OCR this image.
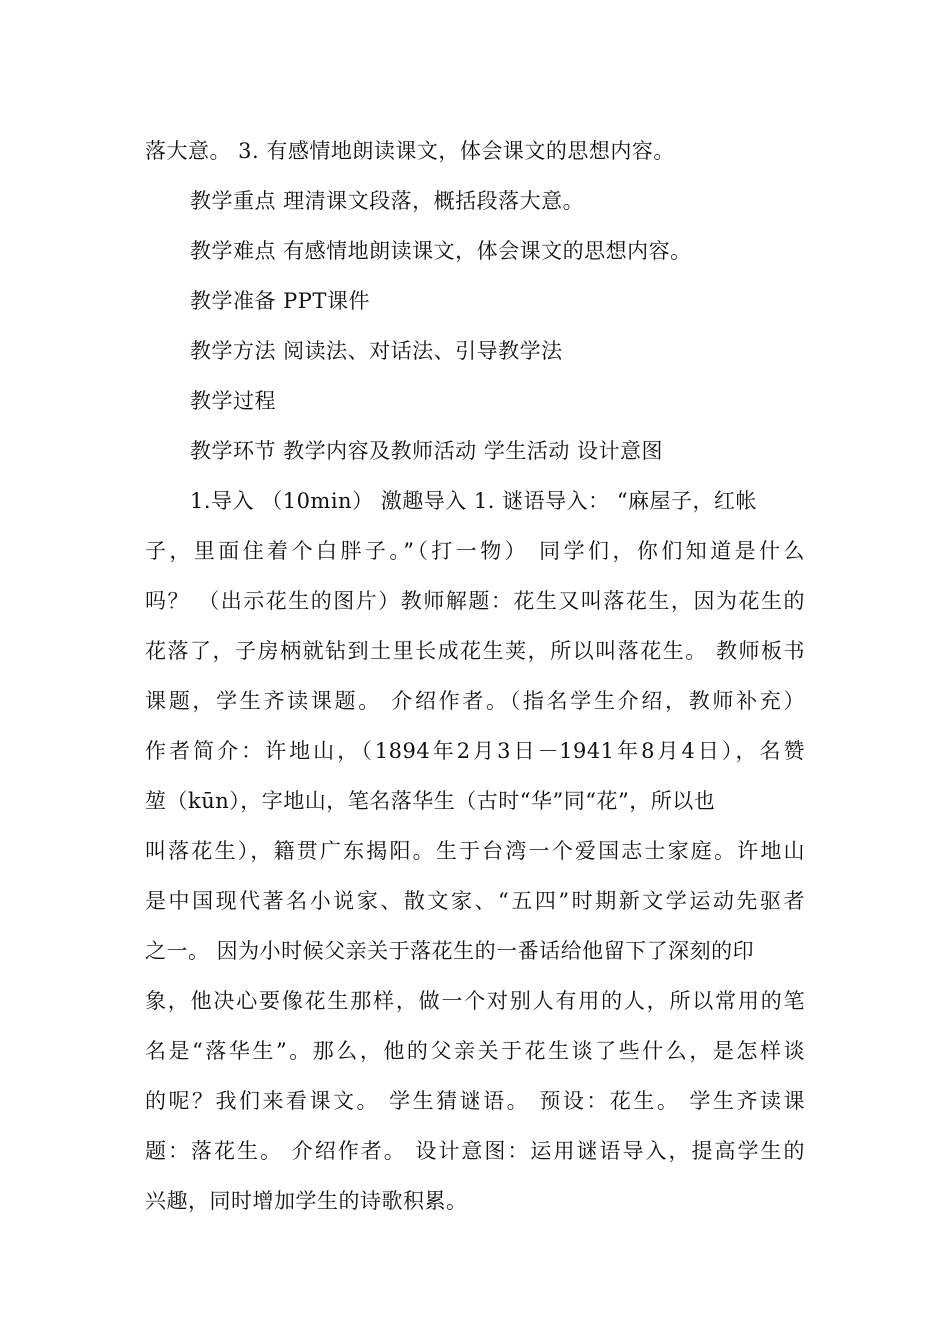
落大意。 3. 有感情地朗读课文，体会课文的思想内容。
教学重点 理清课文段落，概括段落大意。
教学难点 有感情地朗读课文，体会课文的思想内容。
教学准备 PPT课件
教学方法 阅读法、对话法、引导教学法
教学过程
教学环节 教学内容及教师活动 学生活动 设计意图
1.导入 （10min） 激趣导入 1. 谜语导入： “麻屋子，红帐
子，里面住着个白胖子。”（打一物） 同学们，你们知道是什么
吗？ （出示花生的图片）教师解题：花生又叫落花生，因为花生的
花落了，子房柄就钻到土里长成花生荚，所以叫落花生。 教师板书
课题，学生齐读课题。 介绍作者。（指名学生介绍，教师补充）
作者简介：许地山，（1894年2月3日－1941年8月4日），名赞
堃（kūn），字地山，笔名落华生（古时“华”同“花”，所以也
叫落花生），籍贯广东揭阳。生于台湾一个爱国志士家庭。许地山
是中国现代著名小说家、散文家、“五四”时期新文学运动先驱者
之一。 因为小时候父亲关于落花生的一番话给他留下了深刻的印
象，他决心要像花生那样，做一个对别人有用的人，所以常用的笔
名是“落华生”。那么，他的父亲关于花生谈了些什么，是怎样谈
的呢？我们来看课文。 学生猜谜语。 预设：花生。 学生齐读课
题：落花生。 介绍作者。 设计意图：运用谜语导入，提高学生的
兴趣，同时增加学生的诗歌积累。
